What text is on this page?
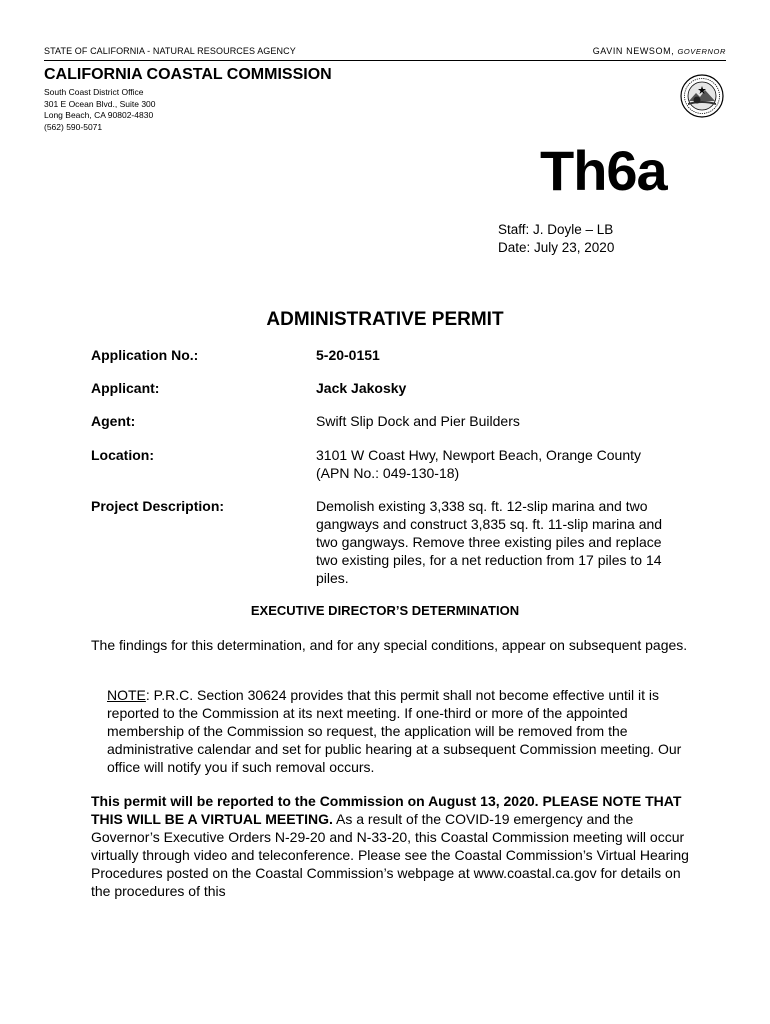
STATE OF CALIFORNIA - NATURAL RESOURCES AGENCY	GAVIN NEWSOM, GOVERNOR
CALIFORNIA COASTAL COMMISSION
South Coast District Office
301 E Ocean Blvd., Suite 300
Long Beach, CA 90802-4830
(562) 590-5071
Th6a
Staff: J. Doyle – LB
Date: July 23, 2020
ADMINISTRATIVE PERMIT
Application No.:	5-20-0151
Applicant:	Jack Jakosky
Agent:	Swift Slip Dock and Pier Builders
Location:	3101 W Coast Hwy, Newport Beach, Orange County
(APN No.: 049-130-18)
Project Description:	Demolish existing 3,338 sq. ft. 12-slip marina and two gangways and construct 3,835 sq. ft. 11-slip marina and two gangways. Remove three existing piles and replace two existing piles, for a net reduction from 17 piles to 14 piles.
EXECUTIVE DIRECTOR’S DETERMINATION
The findings for this determination, and for any special conditions, appear on subsequent pages.
NOTE: P.R.C. Section 30624 provides that this permit shall not become effective until it is reported to the Commission at its next meeting. If one-third or more of the appointed membership of the Commission so request, the application will be removed from the administrative calendar and set for public hearing at a subsequent Commission meeting. Our office will notify you if such removal occurs.
This permit will be reported to the Commission on August 13, 2020. PLEASE NOTE THAT THIS WILL BE A VIRTUAL MEETING. As a result of the COVID-19 emergency and the Governor’s Executive Orders N-29-20 and N-33-20, this Coastal Commission meeting will occur virtually through video and teleconference. Please see the Coastal Commission’s Virtual Hearing Procedures posted on the Coastal Commission’s webpage at www.coastal.ca.gov for details on the procedures of this
